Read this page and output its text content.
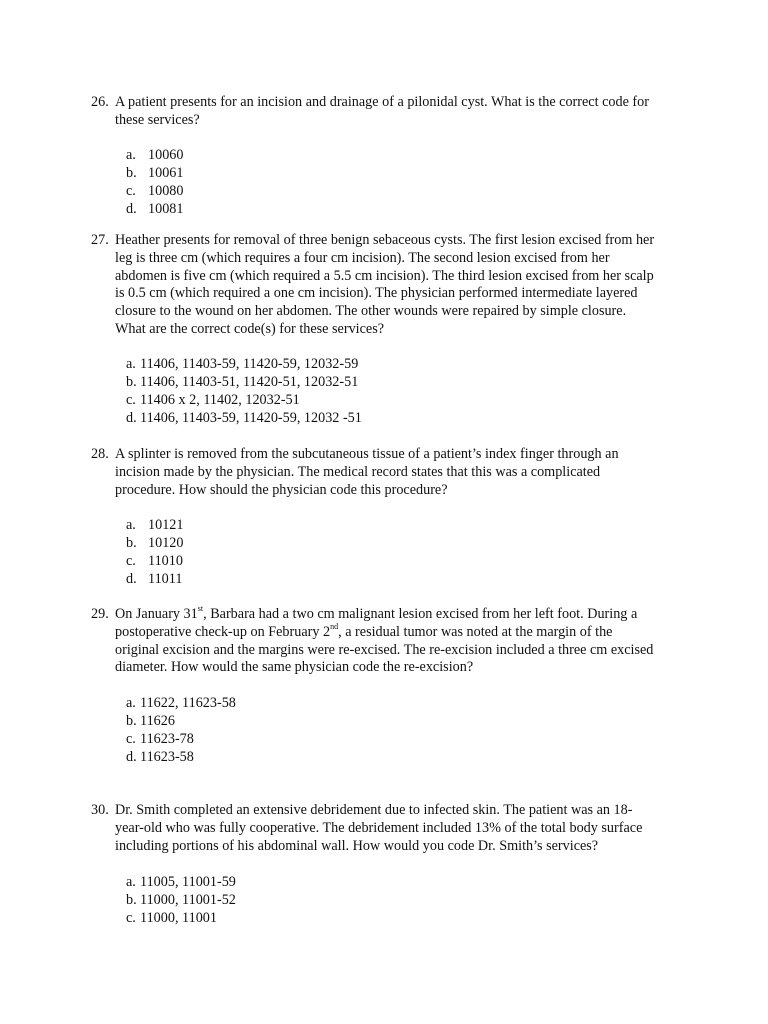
26. A patient presents for an incision and drainage of a pilonidal cyst. What is the correct code for these services?
a. 10060
b. 10061
c. 10080
d. 10081
27. Heather presents for removal of three benign sebaceous cysts. The first lesion excised from her leg is three cm (which requires a four cm incision). The second lesion excised from her abdomen is five cm (which required a 5.5 cm incision). The third lesion excised from her scalp is 0.5 cm (which required a one cm incision). The physician performed intermediate layered closure to the wound on her abdomen. The other wounds were repaired by simple closure. What are the correct code(s) for these services?
a. 11406, 11403-59, 11420-59, 12032-59
b. 11406, 11403-51, 11420-51, 12032-51
c. 11406 x 2, 11402, 12032-51
d. 11406, 11403-59, 11420-59, 12032 -51
28. A splinter is removed from the subcutaneous tissue of a patient’s index finger through an incision made by the physician. The medical record states that this was a complicated procedure. How should the physician code this procedure?
a. 10121
b. 10120
c. 11010
d. 11011
29. On January 31st, Barbara had a two cm malignant lesion excised from her left foot. During a postoperative check-up on February 2nd, a residual tumor was noted at the margin of the original excision and the margins were re-excised. The re-excision included a three cm excised diameter. How would the same physician code the re-excision?
a. 11622, 11623-58
b. 11626
c. 11623-78
d. 11623-58
30. Dr. Smith completed an extensive debridement due to infected skin. The patient was an 18-year-old who was fully cooperative. The debridement included 13% of the total body surface including portions of his abdominal wall. How would you code Dr. Smith’s services?
a. 11005, 11001-59
b. 11000, 11001-52
c. 11000, 11001
